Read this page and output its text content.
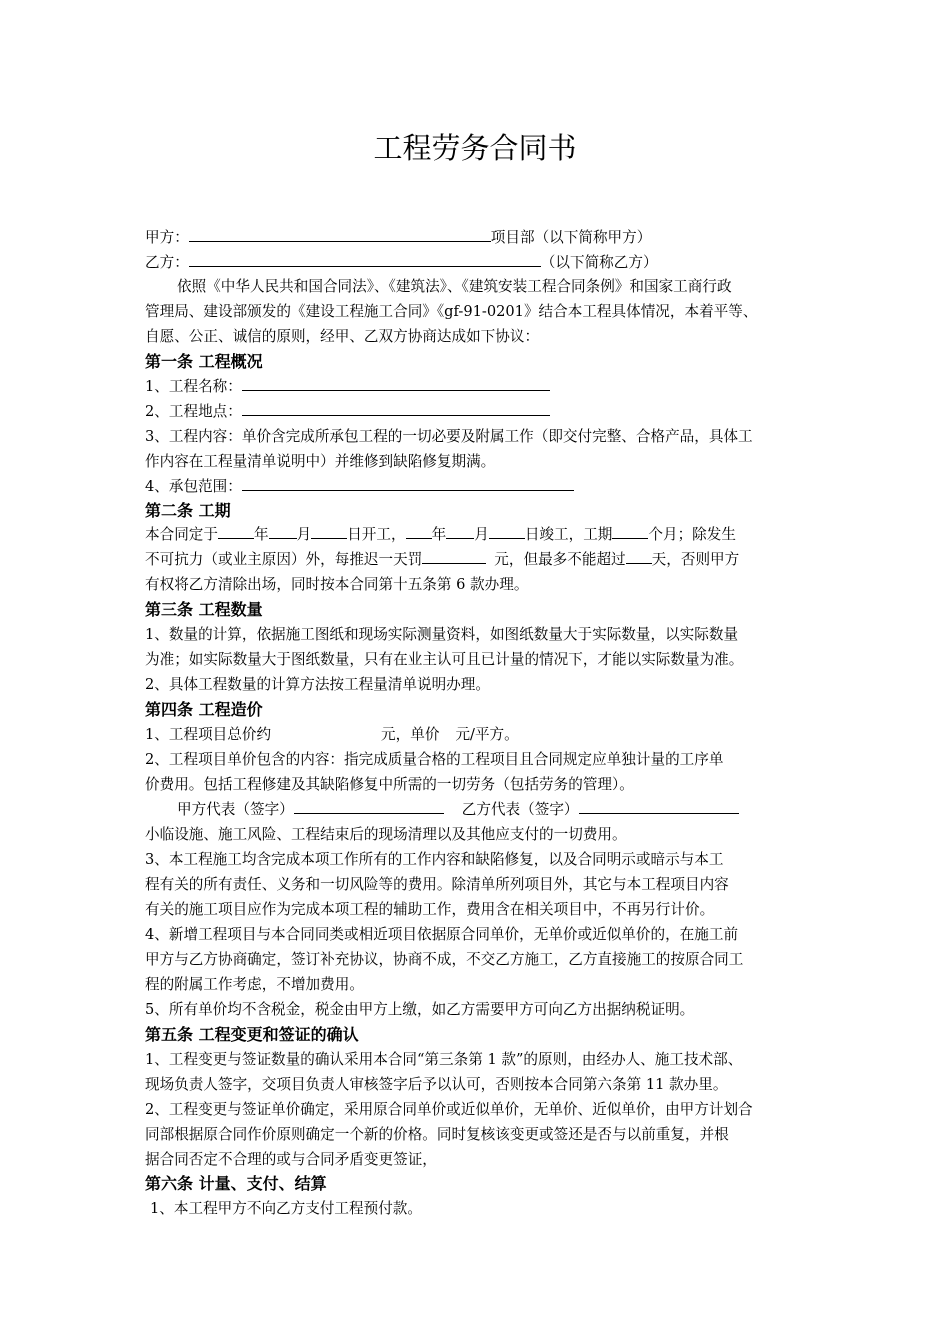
工程劳务合同书
甲方：	项目部（以下简称甲方）
乙方：	（以下简称乙方）
依照《中华人民共和国合同法》、《建筑法》、《建筑安装工程合同条例》和国家工商行政
管理局、建设部颁发的《建设工程施工合同》《gf-91-0201》结合本工程具体情况，本着平等、
自愿、公正、诚信的原则，经甲、乙双方协商达成如下协议：
第一条 工程概况
1、工程名称：
2、工程地点：
3、工程内容：单价含完成所承包工程的一切必要及附属工作（即交付完整、合格产品，具体工
作内容在工程量清单说明中）并维修到缺陷修复期满。
4、承包范围：
第二条 工期
本合同定于 年 月 日开工， 年 月 日竣工，工期 个月；除发生
不可抗力（或业主原因）外，每推迟一天罚	元，但最多不能超过 天，否则甲方
有权将乙方清除出场，同时按本合同第十五条第 6 款办理。
第三条 工程数量
1、数量的计算，依据施工图纸和现场实际测量资料，如图纸数量大于实际数量，以实际数量
为准；如实际数量大于图纸数量，只有在业主认可且已计量的情况下，才能以实际数量为准。
2、具体工程数量的计算方法按工程量清单说明办理。
第四条 工程造价
1、工程项目总价约	元，单价 元/平方。
2、工程项目单价包含的内容：指完成质量合格的工程项目且合同规定应单独计量的工序单
价费用。包括工程修建及其缺陷修复中所需的一切劳务（包括劳务的管理）。
甲方代表（签字）	乙方代表（签字）
小临设施、施工风险、工程结束后的现场清理以及其他应支付的一切费用。
3、本工程施工均含完成本项工作所有的工作内容和缺陷修复，以及合同明示或暗示与本工
程有关的所有责任、义务和一切风险等的费用。除清单所列项目外，其它与本工程项目内容
有关的施工项目应作为完成本项工程的辅助工作，费用含在相关项目中，不再另行计价。
4、新增工程项目与本合同同类或相近项目依据原合同单价，无单价或近似单价的，在施工前
甲方与乙方协商确定，签订补充协议，协商不成，不交乙方施工，乙方直接施工的按原合同工
程的附属工作考虑，不增加费用。
5、所有单价均不含税金，税金由甲方上缴，如乙方需要甲方可向乙方出据纳税证明。
第五条 工程变更和签证的确认
1、工程变更与签证数量的确认采用本合同“第三条第 1 款”的原则，由经办人、施工技术部、
现场负责人签字，交项目负责人审核签字后予以认可，否则按本合同第六条第 11 款办里。
2、工程变更与签证单价确定，采用原合同单价或近似单价，无单价、近似单价，由甲方计划合
同部根据原合同作价原则确定一个新的价格。同时复核该变更或签还是否与以前重复，并根
据合同否定不合理的或与合同矛盾变更签证，
第六条 计量、支付、结算
1、本工程甲方不向乙方支付工程预付款。
